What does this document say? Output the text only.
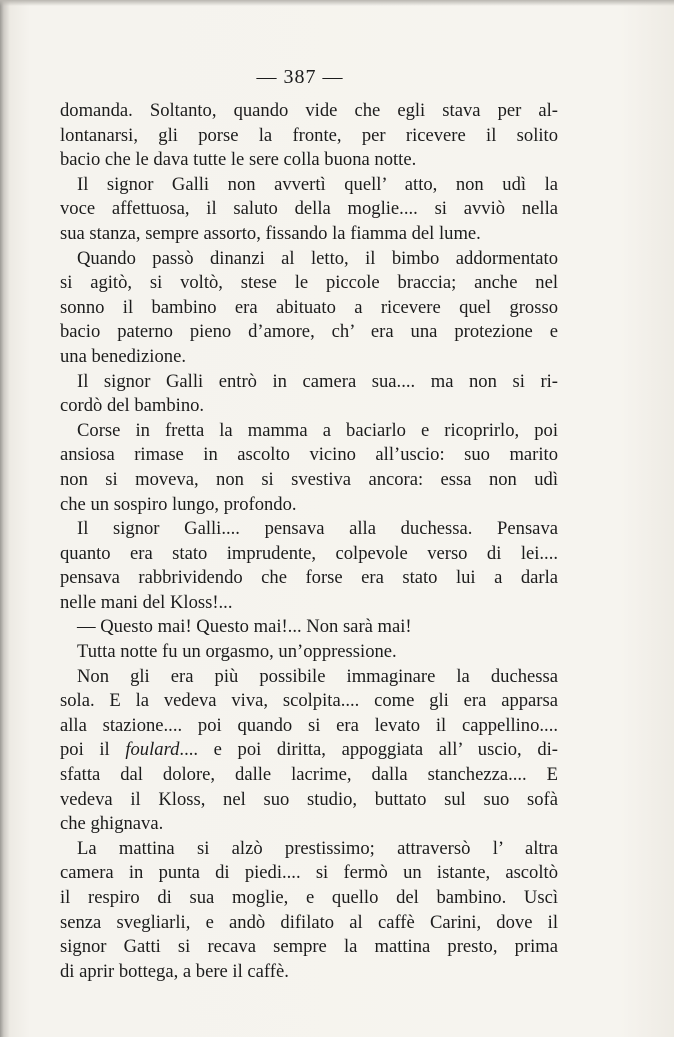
— 387 —
domanda. Soltanto, quando vide che egli stava per al-
lontanarsi, gli porse la fronte, per ricevere il solito
bacio che le dava tutte le sere colla buona notte.
Il signor Galli non avvertì quell’ atto, non udì la
voce affettuosa, il saluto della moglie.... si avviò nella
sua stanza, sempre assorto, fissando la fiamma del lume.
Quando passò dinanzi al letto, il bimbo addormentato
si agitò, si voltò, stese le piccole braccia; anche nel
sonno il bambino era abituato a ricevere quel grosso
bacio paterno pieno d’amore, ch’ era una protezione e
una benedizione.
Il signor Galli entrò in camera sua.... ma non si ri-
cordò del bambino.
Corse in fretta la mamma a baciarlo e ricoprirlo, poi
ansiosa rimase in ascolto vicino all’uscio: suo marito
non si moveva, non si svestiva ancora: essa non udì
che un sospiro lungo, profondo.
Il signor Galli.... pensava alla duchessa. Pensava
quanto era stato imprudente, colpevole verso di lei....
pensava rabbrividendo che forse era stato lui a darla
nelle mani del Kloss!...
— Questo mai! Questo mai!... Non sarà mai!
Tutta notte fu un orgasmo, un’oppressione.
Non gli era più possibile immaginare la duchessa
sola. E la vedeva viva, scolpita.... come gli era apparsa
alla stazione.... poi quando si era levato il cappellino....
poi il foulard.... e poi diritta, appoggiata all’ uscio, di-
sfatta dal dolore, dalle lacrime, dalla stanchezza.... E
vedeva il Kloss, nel suo studio, buttato sul suo sofà
che ghignava.
La mattina si alzò prestissimo; attraversò l’ altra
camera in punta di piedi.... si fermò un istante, ascoltò
il respiro di sua moglie, e quello del bambino. Uscì
senza svegliarli, e andò difilato al caffè Carini, dove il
signor Gatti si recava sempre la mattina presto, prima
di aprir bottega, a bere il caffè.
